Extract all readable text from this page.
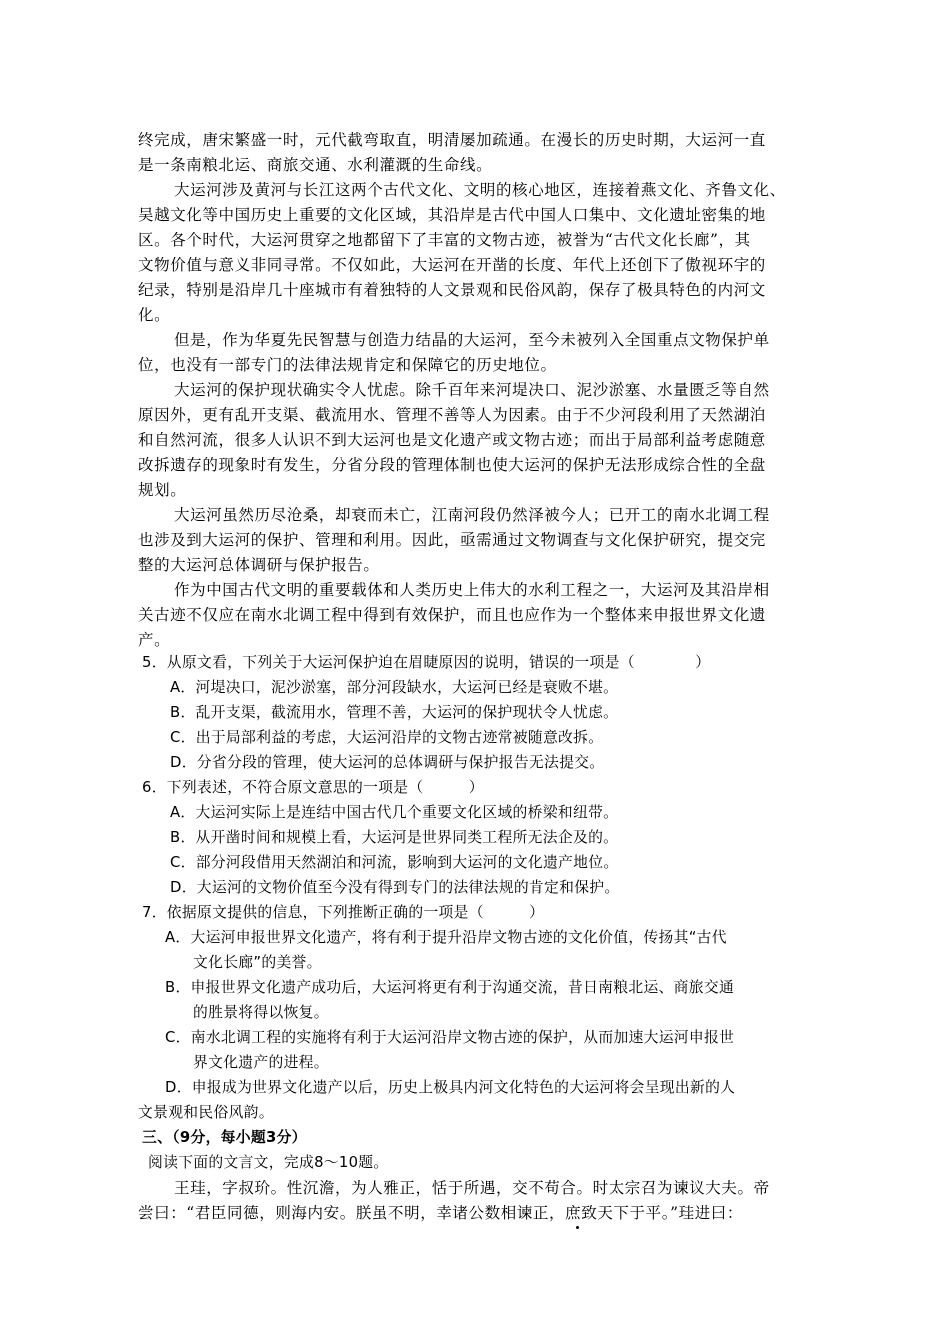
终完成，唐宋繁盛一时，元代截弯取直，明清屡加疏通。在漫长的历史时期，大运河一直
是一条南粮北运、商旅交通、水利灌溉的生命线。
大运河涉及黄河与长江这两个古代文化、文明的核心地区，连接着燕文化、齐鲁文化、
吴越文化等中国历史上重要的文化区域，其沿岸是古代中国人口集中、文化遗址密集的地
区。各个时代，大运河贯穿之地都留下了丰富的文物古迹，被誉为“古代文化长廊”，其
文物价值与意义非同寻常。不仅如此，大运河在开凿的长度、年代上还创下了傲视环宇的
纪录，特别是沿岸几十座城市有着独特的人文景观和民俗风韵，保存了极具特色的内河文
化。
但是，作为华夏先民智慧与创造力结晶的大运河，至今未被列入全国重点文物保护单
位，也没有一部专门的法律法规肯定和保障它的历史地位。
大运河的保护现状确实令人忧虑。除千百年来河堤决口、泥沙淤塞、水量匮乏等自然
原因外，更有乱开支渠、截流用水、管理不善等人为因素。由于不少河段利用了天然湖泊
和自然河流，很多人认识不到大运河也是文化遗产或文物古迹；而出于局部利益考虑随意
改拆遗存的现象时有发生，分省分段的管理体制也使大运河的保护无法形成综合性的全盘
规划。
大运河虽然历尽沧桑，却衰而未亡，江南河段仍然泽被今人；已开工的南水北调工程
也涉及到大运河的保护、管理和利用。因此，亟需通过文物调查与文化保护研究，提交完
整的大运河总体调研与保护报告。
作为中国古代文明的重要载体和人类历史上伟大的水利工程之一，大运河及其沿岸相
关古迹不仅应在南水北调工程中得到有效保护，而且也应作为一个整体来申报世界文化遗
产。
5．从原文看，下列关于大运河保护迫在眉睫原因的说明，错误的一项是（　　　　）
A．河堤决口，泥沙淤塞，部分河段缺水，大运河已经是衰败不堪。
B．乱开支渠，截流用水，管理不善，大运河的保护现状令人忧虑。
C．出于局部利益的考虑，大运河沿岸的文物古迹常被随意改拆。
D．分省分段的管理，使大运河的总体调研与保护报告无法提交。
6．下列表述，不符合原文意思的一项是（　　　）
A．大运河实际上是连结中国古代几个重要文化区域的桥梁和纽带。
B．从开凿时间和规模上看，大运河是世界同类工程所无法企及的。
C．部分河段借用天然湖泊和河流，影响到大运河的文化遗产地位。
D．大运河的文物价值至今没有得到专门的法律法规的肯定和保护。
7．依据原文提供的信息，下列推断正确的一项是（　　　）
A．大运河申报世界文化遗产，将有利于提升沿岸文物古迹的文化价值，传扬其“古代
文化长廊”的美誉。
B．申报世界文化遗产成功后，大运河将更有利于沟通交流，昔日南粮北运、商旅交通
的胜景将得以恢复。
C．南水北调工程的实施将有利于大运河沿岸文物古迹的保护，从而加速大运河申报世
界文化遗产的进程。
D．申报成为世界文化遗产以后，历史上极具内河文化特色的大运河将会呈现出新的人
文景观和民俗风韵。
三、（9分，每小题3分）
阅读下面的文言文，完成8～10题。
王珪，字叔玠。性沉澹，为人雅正，恬于所遇，交不苟合。时太宗召为谏议大夫。帝
尝曰：“君臣同德，则海内安。朕虽不明，幸诸公数相谏正，庶致天下于平。”珪进曰：
